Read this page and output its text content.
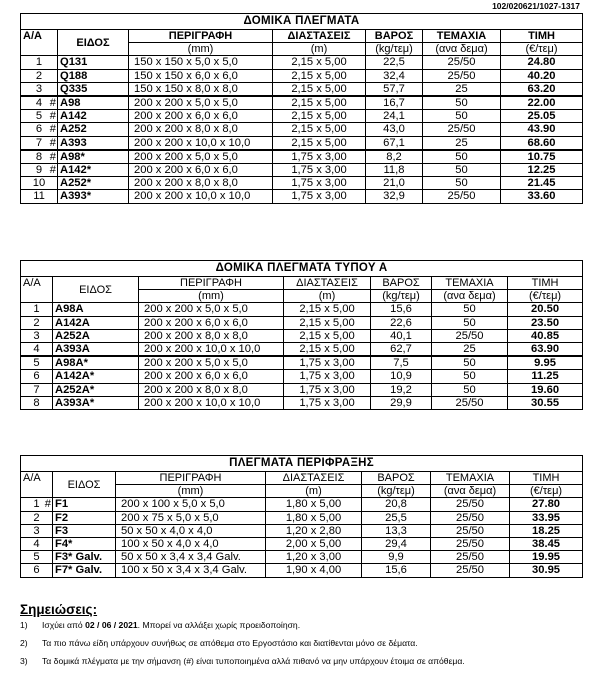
102/020621/1027-1317
ΔΟΜΙΚΑ ΠΛΕΓΜΑΤΑ						
Α/Α	ΕΙΔΟΣ	ΠΕΡΙΓΡΑΦΗ	ΔΙΑΣΤΑΣΕΙΣ	ΒΑΡΟΣ	ΤΕΜΑΧΙΑ	ΤΙΜΗ
		(mm)	(m)	(kg/τεμ)	(ανα δεμα)	(€/τεμ)
1	Q131	150 x 150 x 5,0 x 5,0	2,15 x 5,00	22,5	25/50	24.80
2	Q188	150 x 150 x 6,0 x 6,0	2,15 x 5,00	32,4	25/50	40.20
3	Q335	150 x 150 x 8,0 x 8,0	2,15 x 5,00	57,7	25	63.20
4 #	A98	200 x 200 x 5,0 x 5,0	2,15 x 5,00	16,7	50	22.00
5 #	A142	200 x 200 x 6,0 x 6,0	2,15 x 5,00	24,1	50	25.05
6 #	A252	200 x 200 x 8,0 x 8,0	2,15 x 5,00	43,0	25/50	43.90
7 #	A393	200 x 200 x 10,0 x 10,0	2,15 x 5,00	67,1	25	68.60
8 #	A98*	200 x 200 x 5,0 x 5,0	1,75 x 3,00	8,2	50	10.75
9 #	A142*	200 x 200 x 6,0 x 6,0	1,75 x 3,00	11,8	50	12.25
10	A252*	200 x 200 x 8,0 x 8,0	1,75 x 3,00	21,0	50	21.45
11	A393*	200 x 200 x 10,0 x 10,0	1,75 x 3,00	32,9	25/50	33.60
ΔΟΜΙΚΑ ΠΛΕΓΜΑΤΑ ΤΥΠΟΥ Α						
Α/Α	ΕΙΔΟΣ	ΠΕΡΙΓΡΑΦΗ	ΔΙΑΣΤΑΣΕΙΣ	ΒΑΡΟΣ	ΤΕΜΑΧΙΑ	ΤΙΜΗ
		(mm)	(m)	(kg/τεμ)	(ανα δεμα)	(€/τεμ)
1	A98A	200 x 200 x 5,0 x 5,0	2,15 x 5,00	15,6	50	20.50
2	A142A	200 x 200 x 6,0 x 6,0	2,15 x 5,00	22,6	50	23.50
3	A252A	200 x 200 x 8,0 x 8,0	2,15 x 5,00	40,1	25/50	40.85
4	A393A	200 x 200 x 10,0 x 10,0	2,15 x 5,00	62,7	25	63.90
5	A98A*	200 x 200 x 5,0 x 5,0	1,75 x 3,00	7,5	50	9.95
6	A142A*	200 x 200 x 6,0 x 6,0	1,75 x 3,00	10,9	50	11.25
7	A252A*	200 x 200 x 8,0 x 8,0	1,75 x 3,00	19,2	50	19.60
8	A393A*	200 x 200 x 10,0 x 10,0	1,75 x 3,00	29,9	25/50	30.55
ΠΛΕΓΜΑΤΑ ΠΕΡΙΦΡΑΞΗΣ						
Α/Α	ΕΙΔΟΣ	ΠΕΡΙΓΡΑΦΗ	ΔΙΑΣΤΑΣΕΙΣ	ΒΑΡΟΣ	ΤΕΜΑΧΙΑ	ΤΙΜΗ
		(mm)	(m)	(kg/τεμ)	(ανα δεμα)	(€/τεμ)
1 #	F1	200 x 100 x 5,0 x 5,0	1,80 x 5,00	20,8	25/50	27.80
2	F2	200 x 75 x 5,0 x 5,0	1,80 x 5,00	25,5	25/50	33.95
3	F3	50 x 50 x 4,0 x 4,0	1,20 x 2,80	13,3	25/50	18.25
4	F4*	100 x 50 x 4,0 x 4,0	2,00 x 5,00	29,4	25/50	38.45
5	F3* Galv.	50 x 50 x 3,4 x 3,4 Galv.	1,20 x 3,00	9,9	25/50	19.95
6	F7* Galv.	100 x 50 x 3,4 x 3,4 Galv.	1,90 x 4,00	15,6	25/50	30.95
Σημειώσεις:
1) Ισχύει από 02 / 06 / 2021. Μπορεί να αλλάξει χωρίς προειδοποίηση.
2) Τα πιο πάνω είδη υπάρχουν συνήθως σε απόθεμα στο Εργοστάσιο και διατίθενται μόνο σε δέματα.
3) Τα δομικά πλέγματα με την σήμανση (#) είναι τυποποιημένα αλλά πιθανό να μην υπάρχουν έτοιμα σε απόθεμα.
